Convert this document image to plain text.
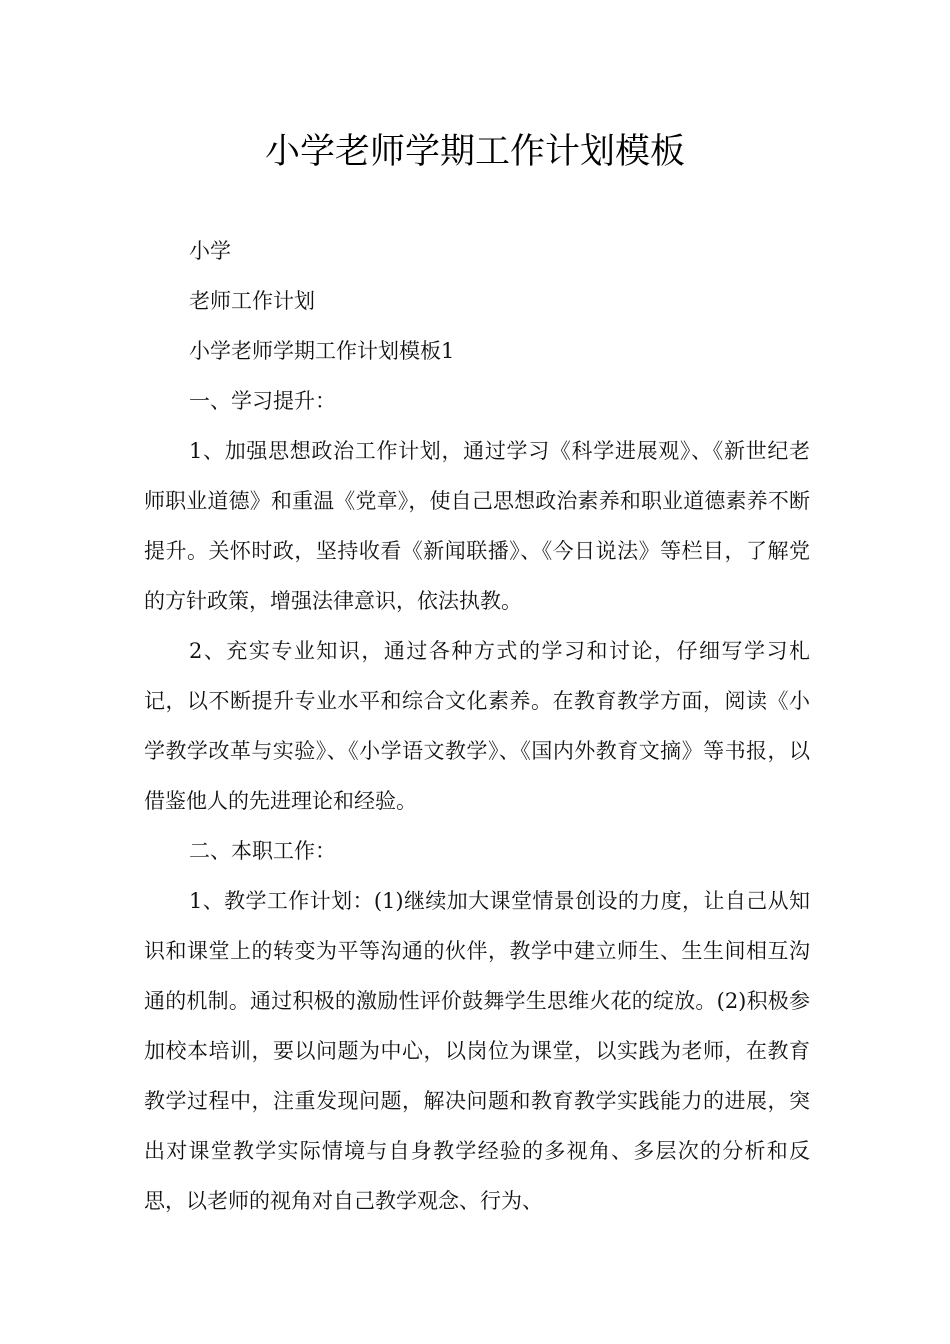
小学老师学期工作计划模板

小学

老师工作计划

小学老师学期工作计划模板1

一、学习提升：

1、加强思想政治工作计划，通过学习《科学进展观》、《新世纪老师职业道德》和重温《党章》，使自己思想政治素养和职业道德素养不断提升。关怀时政，坚持收看《新闻联播》、《今日说法》等栏目，了解党的方针政策，增强法律意识，依法执教。

2、充实专业知识，通过各种方式的学习和讨论，仔细写学习札记，以不断提升专业水平和综合文化素养。在教育教学方面，阅读《小学教学改革与实验》、《小学语文教学》、《国内外教育文摘》等书报，以借鉴他人的先进理论和经验。

二、本职工作：

1、教学工作计划：(1)继续加大课堂情景创设的力度，让自己从知识和课堂上的转变为平等沟通的伙伴，教学中建立师生、生生间相互沟通的机制。通过积极的激励性评价鼓舞学生思维火花的绽放。(2)积极参加校本培训，要以问题为中心，以岗位为课堂，以实践为老师，在教育教学过程中，注重发现问题，解决问题和教育教学实践能力的进展，突出对课堂教学实际情境与自身教学经验的多视角、多层次的分析和反思，以老师的视角对自己教学观念、行为、
